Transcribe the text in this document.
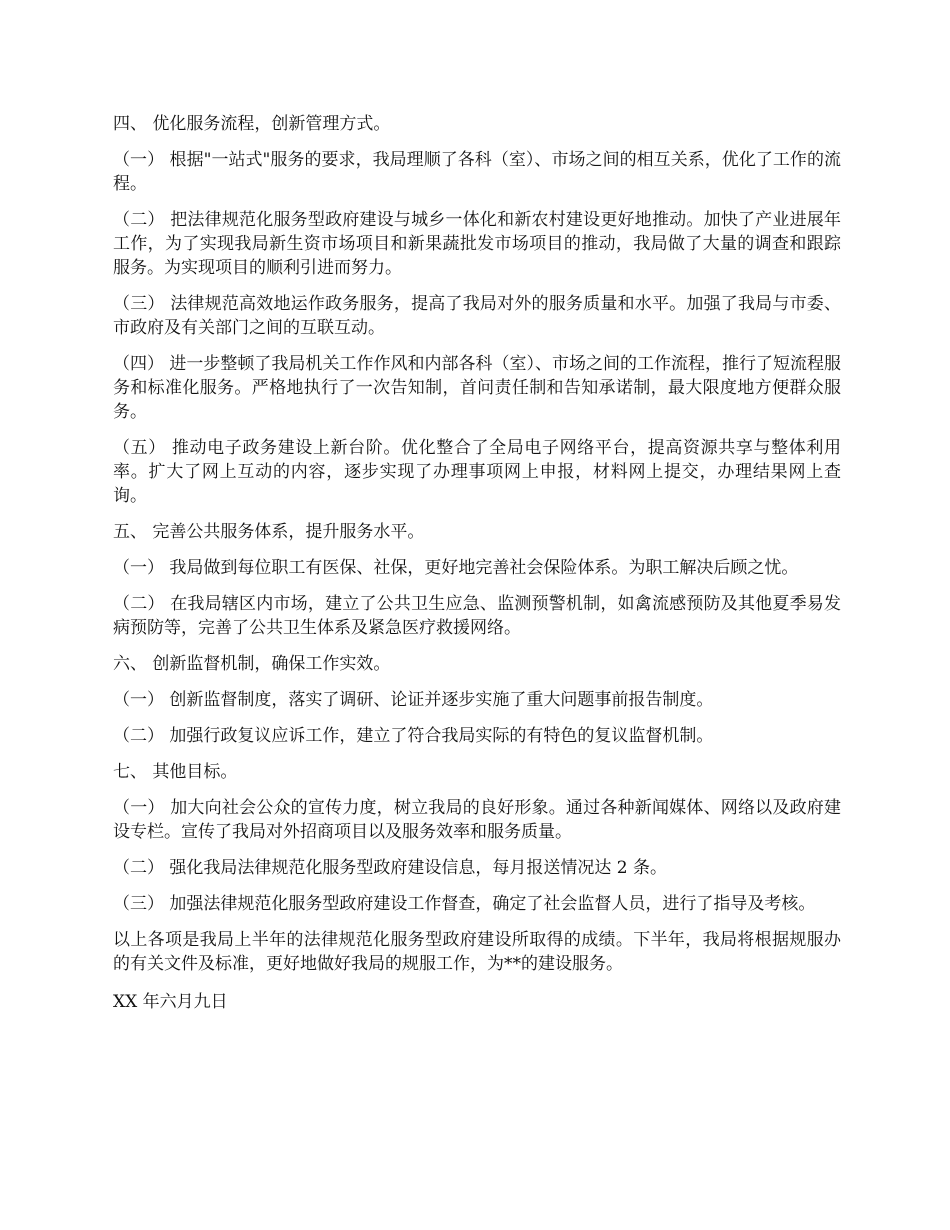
四、 优化服务流程，创新管理方式。

（一） 根据"一站式"服务的要求，我局理顺了各科（室）、市场之间的相互关系，优化了工作的流程。

（二） 把法律规范化服务型政府建设与城乡一体化和新农村建设更好地推动。加快了产业进展年工作，为了实现我局新生资市场项目和新果蔬批发市场项目的推动，我局做了大量的调查和跟踪服务。为实现项目的顺利引进而努力。

（三） 法律规范高效地运作政务服务，提高了我局对外的服务质量和水平。加强了我局与市委、市政府及有关部门之间的互联互动。

（四） 进一步整顿了我局机关工作作风和内部各科（室）、市场之间的工作流程，推行了短流程服务和标准化服务。严格地执行了一次告知制，首问责任制和告知承诺制，最大限度地方便群众服务。

（五） 推动电子政务建设上新台阶。优化整合了全局电子网络平台，提高资源共享与整体利用率。扩大了网上互动的内容，逐步实现了办理事项网上申报，材料网上提交，办理结果网上查询。

五、 完善公共服务体系，提升服务水平。

（一） 我局做到每位职工有医保、社保，更好地完善社会保险体系。为职工解决后顾之忧。

（二） 在我局辖区内市场，建立了公共卫生应急、监测预警机制，如禽流感预防及其他夏季易发病预防等，完善了公共卫生体系及紧急医疗救援网络。

六、 创新监督机制，确保工作实效。

（一） 创新监督制度，落实了调研、论证并逐步实施了重大问题事前报告制度。

（二） 加强行政复议应诉工作，建立了符合我局实际的有特色的复议监督机制。

七、 其他目标。

（一） 加大向社会公众的宣传力度，树立我局的良好形象。通过各种新闻媒体、网络以及政府建设专栏。宣传了我局对外招商项目以及服务效率和服务质量。

（二） 强化我局法律规范化服务型政府建设信息，每月报送情况达 2 条。

（三） 加强法律规范化服务型政府建设工作督查，确定了社会监督人员，进行了指导及考核。

以上各项是我局上半年的法律规范化服务型政府建设所取得的成绩。下半年，我局将根据规服办的有关文件及标准，更好地做好我局的规服工作，为**的建设服务。

XX 年六月九日
